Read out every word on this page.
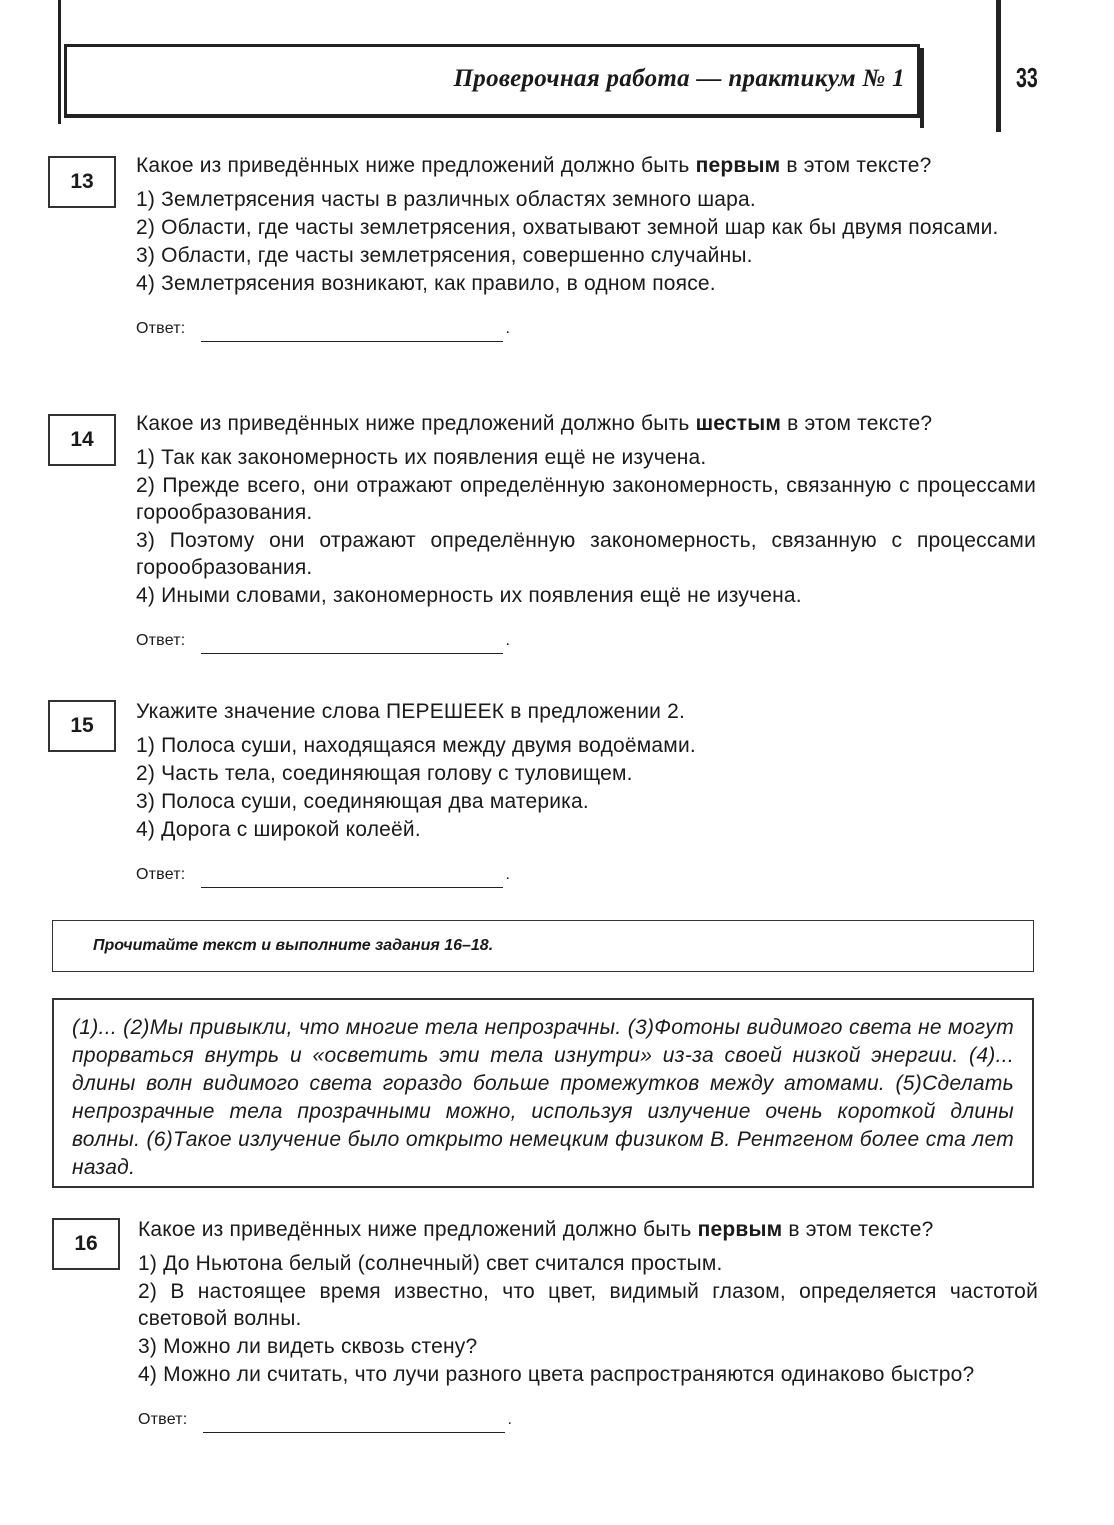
Проверочная работа — практикум № 1	33
13
Какое из приведённых ниже предложений должно быть первым в этом тексте?
1) Землетрясения часты в различных областях земного шара.
2) Области, где часты землетрясения, охватывают земной шар как бы двумя поясами.
3) Области, где часты землетрясения, совершенно случайны.
4) Землетрясения возникают, как правило, в одном поясе.
Ответ:	.
14
Какое из приведённых ниже предложений должно быть шестым в этом тексте?
1) Так как закономерность их появления ещё не изучена.
2) Прежде всего, они отражают определённую закономерность, связанную с процессами горообразования.
3) Поэтому они отражают определённую закономерность, связанную с процессами горообразования.
4) Иными словами, закономерность их появления ещё не изучена.
Ответ:	.
15
Укажите значение слова ПЕРЕШЕЕК в предложении 2.
1) Полоса суши, находящаяся между двумя водоёмами.
2) Часть тела, соединяющая голову с туловищем.
3) Полоса суши, соединяющая два материка.
4) Дорога с широкой колеёй.
Ответ:	.
Прочитайте текст и выполните задания 16–18.
(1)... (2)Мы привыкли, что многие тела непрозрачны. (3)Фотоны видимого света не могут прорваться внутрь и «осветить эти тела изнутри» из-за своей низкой энергии. (4)... длины волн видимого света гораздо больше промежутков между атомами. (5)Сделать непрозрачные тела прозрачными можно, используя излучение очень короткой длины волны. (6)Такое излучение было открыто немецким физиком В. Рентгеном более ста лет назад.
16
Какое из приведённых ниже предложений должно быть первым в этом тексте?
1) До Ньютона белый (солнечный) свет считался простым.
2) В настоящее время известно, что цвет, видимый глазом, определяется частотой световой волны.
3) Можно ли видеть сквозь стену?
4) Можно ли считать, что лучи разного цвета распространяются одинаково быстро?
Ответ:	.
